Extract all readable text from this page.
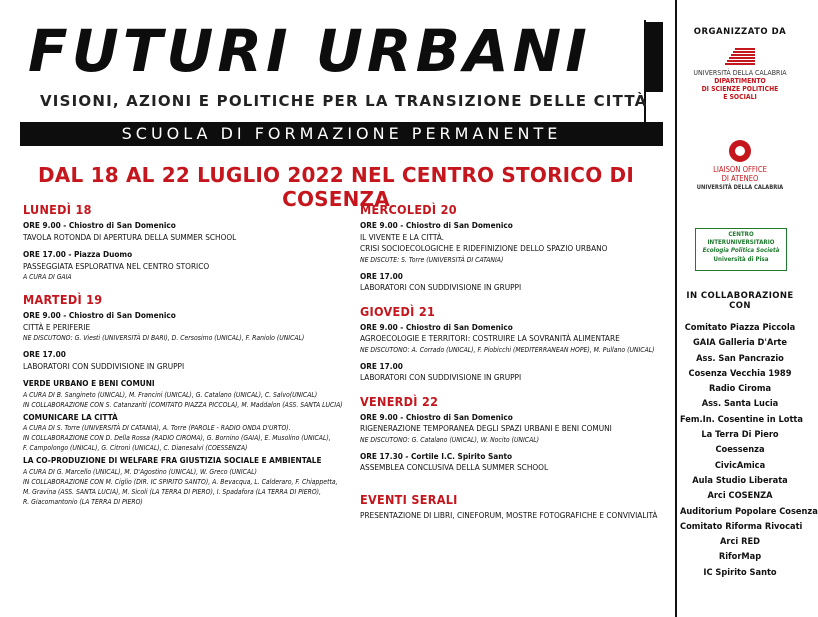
FUTURI URBANI
VISIONI, AZIONI E POLITICHE PER LA TRANSIZIONE DELLE CITTÀ
SCUOLA DI FORMAZIONE PERMANENTE
DAL 18 AL 22 LUGLIO 2022 NEL CENTRO STORICO DI COSENZA
LUNEDÌ 18
ORE 9.00 - Chiostro di San Domenico
TAVOLA ROTONDA DI APERTURA DELLA SUMMER SCHOOL
ORE 17.00 - Piazza Duomo
PASSEGGIATA ESPLORATIVA NEL CENTRO STORICO
A CURA DI GAIA
MARTEDÌ 19
ORE 9.00 - Chiostro di San Domenico
CITTÀ E PERIFERIE
NE DISCUTONO: G. Viesti (UNIVERSITÀ DI BARI), D. Cersosimo (UNICAL), F. Raniolo (UNICAL)
ORE 17.00
LABORATORI CON SUDDIVISIONE IN GRUPPI
VERDE URBANO E BENI COMUNI
A CURA DI B. Sangineto (UNICAL), M. Francini (UNICAL), G. Catalano (UNICAL), C. Salvo(UNICAL)
IN COLLABORAZIONE CON S. Catanzariti (COMITATO PIAZZA PICCOLA), M. Maddalon (ASS. SANTA LUCIA)
COMUNICARE LA CITTÀ
A CURA DI S. Torre (UNIVERSITÀ DI CATANIA), A. Torre (PAROLE - RADIO ONDA D'URTO).
IN COLLABORAZIONE CON D. Della Rossa (RADIO CIROMA), G. Bornino (GAIA), E. Musolino (UNICAL),
F. Campolongo (UNICAL), G. Citroni (UNICAL), C. Dianesalvi (COESSENZA)
LA CO-PRODUZIONE DI WELFARE FRA GIUSTIZIA SOCIALE E AMBIENTALE
A CURA DI G. Marcello (UNICAL), M. D'Agostino (UNICAL), W. Greco (UNICAL)
IN COLLABORAZIONE CON M. Ciglio (DIR. IC SPIRITO SANTO), A. Bevacqua, L. Calderaro, F. Chiappetta,
M. Gravina (ASS. SANTA LUCIA), M. Sicoli (LA TERRA DI PIERO), I. Spadafora (LA TERRA DI PIERO),
R. Giacomantonio (LA TERRA DI PIERO)
MERCOLEDÌ 20
ORE 9.00 - Chiostro di San Domenico
IL VIVENTE E LA CITTÀ.
CRISI SOCIOECOLOGICHE E RIDEFINIZIONE DELLO SPAZIO URBANO
NE DISCUTE: S. Torre (UNIVERSITÀ DI CATANIA)
ORE 17.00
LABORATORI CON SUDDIVISIONE IN GRUPPI
GIOVEDÌ 21
ORE 9.00 - Chiostro di San Domenico
AGROECOLOGIE E TERRITORI: COSTRUIRE LA SOVRANITÀ ALIMENTARE
NE DISCUTONO: A. Corrado (UNICAL), F. Piobicchi (MEDITERRANEAN HOPE), M. Pullano (UNICAL)
ORE 17.00
LABORATORI CON SUDDIVISIONE IN GRUPPI
VENERDÌ 22
ORE 9.00 - Chiostro di San Domenico
RIGENERAZIONE TEMPORANEA DEGLI SPAZI URBANI E BENI COMUNI
NE DISCUTONO: G. Catalano (UNICAL), W. Nocito (UNICAL)
ORE 17.30 - Cortile I.C. Spirito Santo
ASSEMBLEA CONCLUSIVA DELLA SUMMER SCHOOL
EVENTI SERALI
PRESENTAZIONE DI LIBRI, CINEFORUM, MOSTRE FOTOGRAFICHE E CONVIVIALITÀ
ORGANIZZATO DA
UNIVERSITÀ DELLA CALABRIA
DIPARTIMENTO
DI SCIENZE POLITICHE
E SOCIALI
LIAISON OFFICE
DI ATENEO
UNIVERSITÀ DELLA CALABRIA
CENTRO
INTERUNIVERSITARIO
Ecologia Politica Società
Università di Pisa
IN COLLABORAZIONE CON
Comitato Piazza Piccola
GAIA Galleria D'Arte
Ass. San Pancrazio
Cosenza Vecchia 1989
Radio Ciroma
Ass. Santa Lucia
Fem.In. Cosentine in Lotta
La Terra Di Piero
Coessenza
CivicAmica
Aula Studio Liberata
Arci COSENZA
Auditorium Popolare Cosenza
Comitato Riforma Rivocati
Arci RED
RiforMap
IC Spirito Santo
